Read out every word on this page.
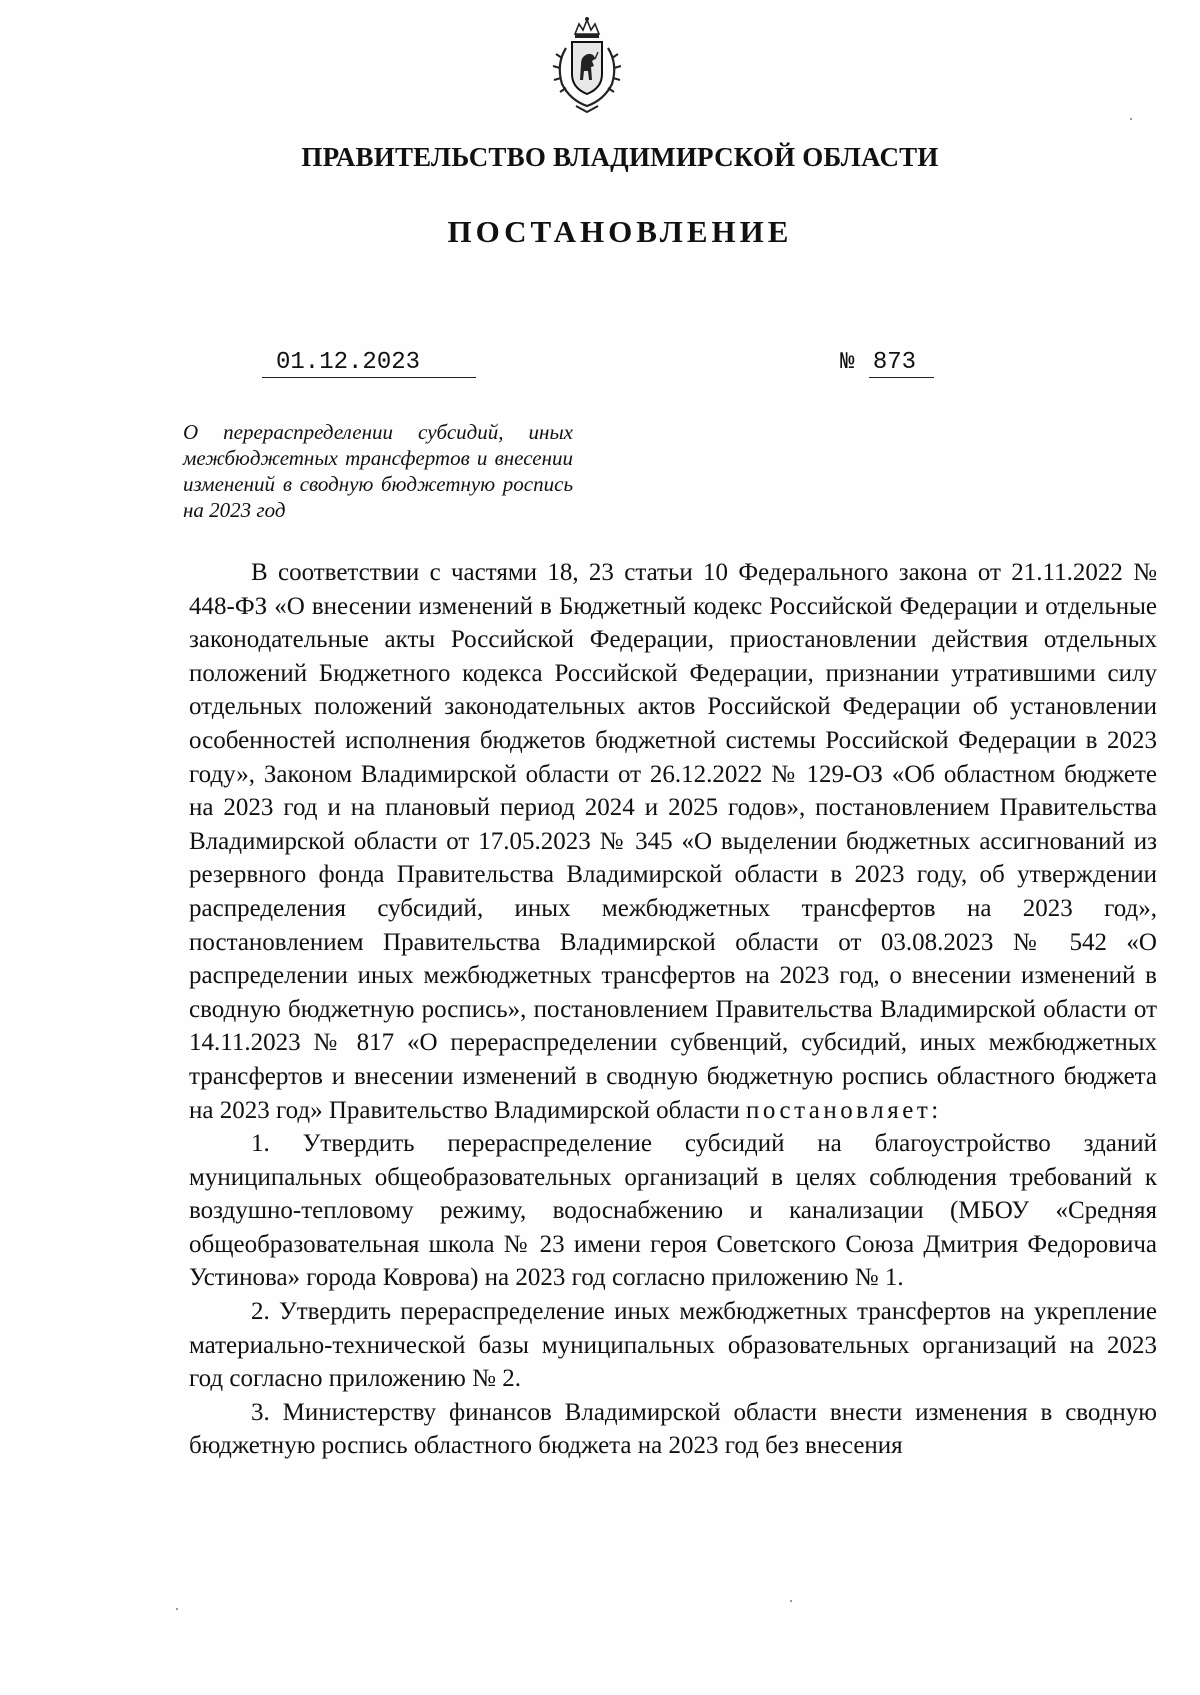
ПРАВИТЕЛЬСТВО ВЛАДИМИРСКОЙ ОБЛАСТИ
ПОСТАНОВЛЕНИЕ
01.12.2023	№ 873
О перераспределении субсидий, иных межбюджетных трансфертов и внесении изменений в сводную бюджетную роспись на 2023 год

В соответствии с частями 18, 23 статьи 10 Федерального закона от 21.11.2022 № 448-ФЗ «О внесении изменений в Бюджетный кодекс Российской Федерации и отдельные законодательные акты Российской Федерации, приостановлении действия отдельных положений Бюджетного кодекса Российской Федерации, признании утратившими силу отдельных положений законодательных актов Российской Федерации об установлении особенностей исполнения бюджетов бюджетной системы Российской Федерации в 2023 году», Законом Владимирской области от 26.12.2022 № 129-ОЗ «Об областном бюджете на 2023 год и на плановый период 2024 и 2025 годов», постановлением Правительства Владимирской области от 17.05.2023 № 345 «О выделении бюджетных ассигнований из резервного фонда Правительства Владимирской области в 2023 году, об утверждении распределения субсидий, иных межбюджетных трансфертов на 2023 год», постановлением Правительства Владимирской области от 03.08.2023 № 542 «О распределении иных межбюджетных трансфертов на 2023 год, о внесении изменений в сводную бюджетную роспись», постановлением Правительства Владимирской области от 14.11.2023 № 817 «О перераспределении субвенций, субсидий, иных межбюджетных трансфертов и внесении изменений в сводную бюджетную роспись областного бюджета на 2023 год» Правительство Владимирской области постановляет:

1. Утвердить перераспределение субсидий на благоустройство зданий муниципальных общеобразовательных организаций в целях соблюдения требований к воздушно-тепловому режиму, водоснабжению и канализации (МБОУ «Средняя общеобразовательная школа № 23 имени героя Советского Союза Дмитрия Федоровича Устинова» города Коврова) на 2023 год согласно приложению № 1.

2. Утвердить перераспределение иных межбюджетных трансфертов на укрепление материально-технической базы муниципальных образовательных организаций на 2023 год согласно приложению № 2.

3. Министерству финансов Владимирской области внести изменения в сводную бюджетную роспись областного бюджета на 2023 год без внесения
